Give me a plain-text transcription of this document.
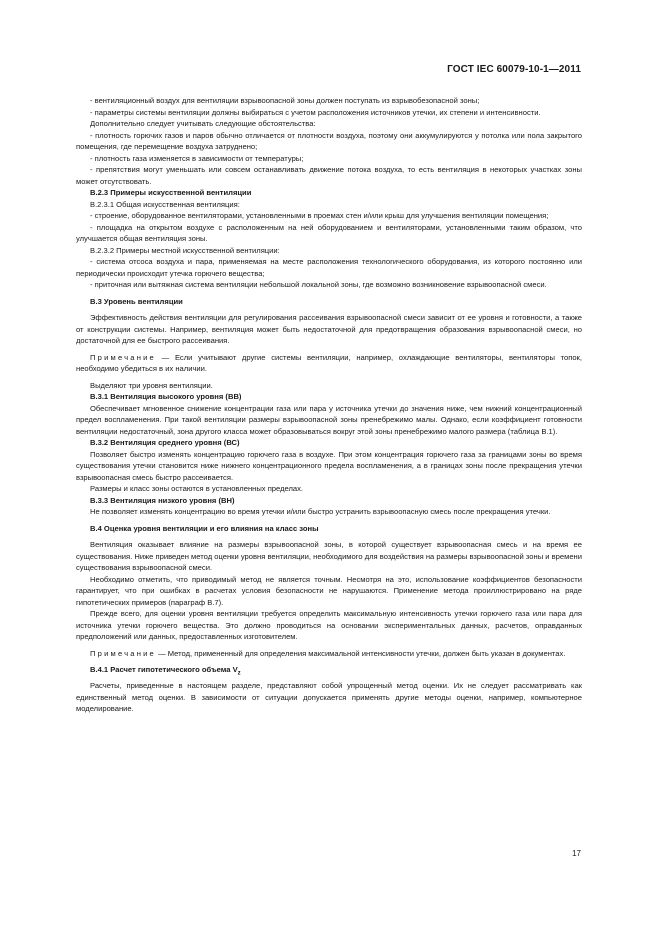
ГОСТ IEC 60079-10-1—2011

- вентиляционный воздух для вентиляции взрывоопасной зоны должен поступать из взрывобезопасной зоны;

- параметры системы вентиляции должны выбираться с учетом расположения источников утечки, их степени и интенсивности.

Дополнительно следует учитывать следующие обстоятельства:

- плотность горючих газов и паров обычно отличается от плотности воздуха, поэтому они аккумулируются у потолка или пола закрытого помещения, где перемещение воздуха затруднено;

- плотность газа изменяется в зависимости от температуры;

- препятствия могут уменьшать или совсем останавливать движение потока воздуха, то есть вентиляция в некоторых участках зоны может отсутствовать.

В.2.3 Примеры искусственной вентиляции

В.2.3.1 Общая искусственная вентиляция:

- строение, оборудованное вентиляторами, установленными в проемах стен и/или крыш для улучшения вентиляции помещения;

- площадка на открытом воздухе с расположенным на ней оборудованием и вентиляторами, установленными таким образом, что улучшается общая вентиляция зоны.

В.2.3.2 Примеры местной искусственной вентиляции:

- система отсоса воздуха и пара, применяемая на месте расположения технологического оборудования, из которого постоянно или периодически происходит утечка горючего вещества;

- приточная или вытяжная система вентиляции небольшой локальной зоны, где возможно возникновение взрывоопасной смеси.

В.3 Уровень вентиляции

Эффективность действия вентиляции для регулирования рассеивания взрывоопасной смеси зависит от ее уровня и готовности, а также от конструкции системы. Например, вентиляция может быть недостаточной для предотвращения образования взрывоопасной смеси, но достаточной для ее быстрого рассеивания.

Примечание — Если учитывают другие системы вентиляции, например, охлаждающие вентиляторы, вентиляторы топок, необходимо убедиться в их наличии.

Выделяют три уровня вентиляции.

В.3.1 Вентиляция высокого уровня (ВВ)

Обеспечивает мгновенное снижение концентрации газа или пара у источника утечки до значения ниже, чем нижний концентрационный предел воспламенения. При такой вентиляции размеры взрывоопасной зоны пренебрежимо малы. Однако, если коэффициент готовности вентиляции недостаточный, зона другого класса может образовываться вокруг этой зоны пренебрежимо малого размера (таблица В.1).

В.3.2 Вентиляция среднего уровня (ВС)

Позволяет быстро изменять концентрацию горючего газа в воздухе. При этом концентрация горючего газа за границами зоны во время существования утечки становится ниже нижнего концентрационного предела воспламенения, а в границах зоны после прекращения утечки взрывоопасная смесь быстро рассеивается.

Размеры и класс зоны остаются в установленных пределах.

В.3.3 Вентиляция низкого уровня (ВН)

Не позволяет изменять концентрацию во время утечки и/или быстро устранить взрывоопасную смесь после прекращения утечки.

В.4 Оценка уровня вентиляции и его влияния на класс зоны

Вентиляция оказывает влияние на размеры взрывоопасной зоны, в которой существует взрывоопасная смесь и на время ее существования. Ниже приведен метод оценки уровня вентиляции, необходимого для воздействия на размеры взрывоопасной зоны и времени существования взрывоопасной смеси.

Необходимо отметить, что приводимый метод не является точным. Несмотря на это, использование коэффициентов безопасности гарантирует, что при ошибках в расчетах условия безопасности не нарушаются. Применение метода проиллюстрировано на ряде гипотетических примеров (параграф В.7).

Прежде всего, для оценки уровня вентиляции требуется определить максимальную интенсивность утечки горючего газа или пара для источника утечки горючего вещества. Это должно проводиться на основании экспериментальных данных, расчетов, оправданных предположений или данных, предоставленных изготовителем.

Примечание — Метод, примененный для определения максимальной интенсивности утечки, должен быть указан в документах.

В.4.1 Расчет гипотетического объема $V_z$

Расчеты, приведенные в настоящем разделе, представляют собой упрощенный метод оценки. Их не следует рассматривать как единственный метод оценки. В зависимости от ситуации допускается применять другие методы оценки, например, компьютерное моделирование.

17
